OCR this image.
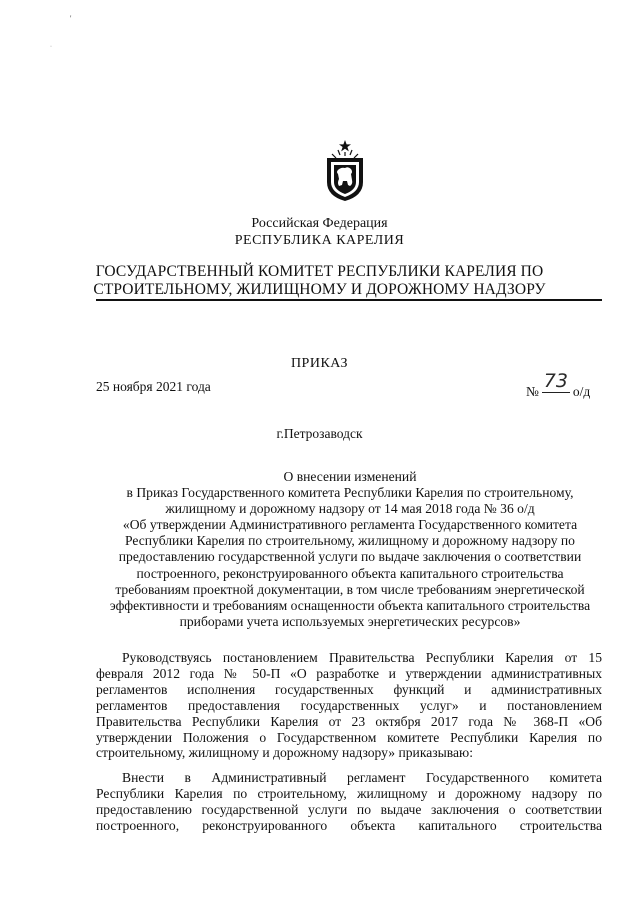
'
·
Российская Федерация
РЕСПУБЛИКА КАРЕЛИЯ
ГОСУДАРСТВЕННЫЙ КОМИТЕТ РЕСПУБЛИКИ КАРЕЛИЯ ПО
СТРОИТЕЛЬНОМУ, ЖИЛИЩНОМУ И ДОРОЖНОМУ НАДЗОРУ
ПРИКАЗ
25 ноября 2021 года	№ 73 о/д
г.Петрозаводск
О внесении изменений
в Приказ Государственного комитета Республики Карелия по строительному,
жилищному и дорожному надзору от 14 мая 2018 года № 36 о/д
«Об утверждении Административного регламента Государственного комитета
Республики Карелия по строительному, жилищному и дорожному надзору по
предоставлению государственной услуги по выдаче заключения о соответствии
построенного, реконструированного объекта капитального строительства
требованиям проектной документации, в том числе требованиям энергетической
эффективности и требованиям оснащенности объекта капитального строительства
приборами учета используемых энергетических ресурсов»
Руководствуясь постановлением Правительства Республики Карелия от 15
февраля 2012 года № 50-П «О разработке и утверждении административных
регламентов исполнения государственных функций и административных
регламентов предоставления государственных услуг» и постановлением
Правительства Республики Карелия от 23 октября 2017 года № 368-П «Об
утверждении Положения о Государственном комитете Республики Карелия по
строительному, жилищному и дорожному надзору» приказываю:
Внести в Административный регламент Государственного комитета
Республики Карелия по строительному, жилищному и дорожному надзору по
предоставлению государственной услуги по выдаче заключения о соответствии
построенного, реконструированного объекта капитального строительства
